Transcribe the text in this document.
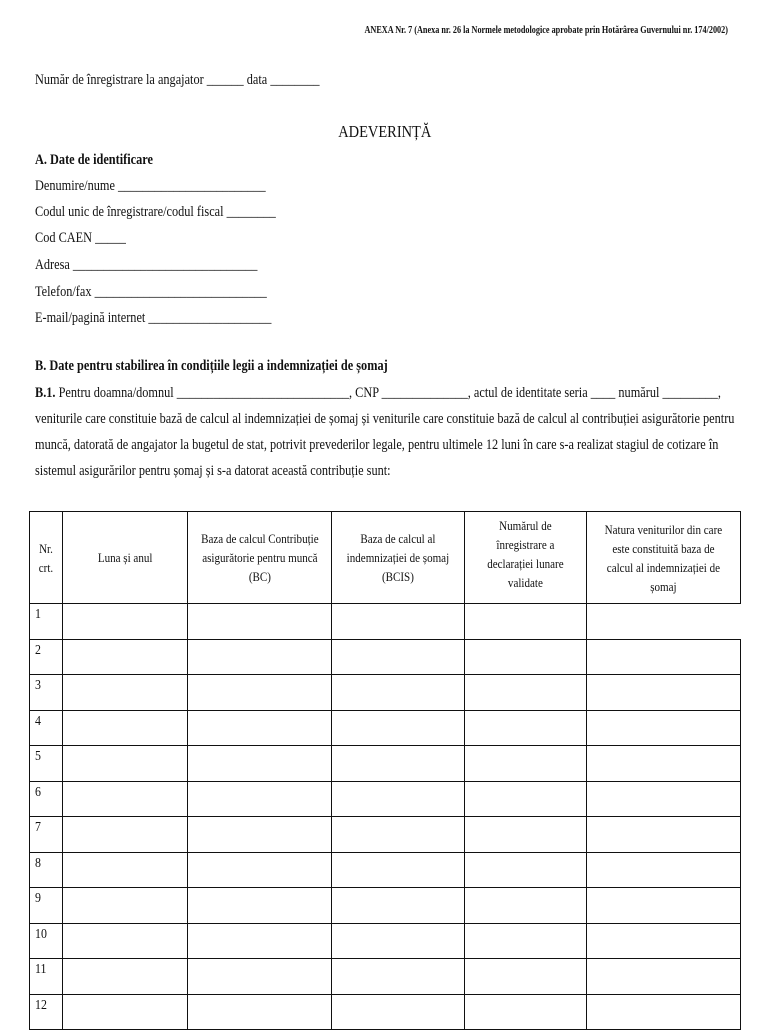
ANEXA Nr. 7 (Anexa nr. 26 la Normele metodologice aprobate prin Hotărârea Guvernului nr. 174/2002)
Număr de înregistrare la angajator ______ data ________
ADEVERINȚĂ
A. Date de identificare
Denumire/nume ________________________
Codul unic de înregistrare/codul fiscal ________
Cod CAEN _____
Adresa ______________________________
Telefon/fax ____________________________
E-mail/pagină internet ____________________
B. Date pentru stabilirea în condițiile legii a indemnizației de șomaj
B.1. Pentru doamna/domnul ____________________________, CNP ______________, actul de identitate seria ____ numărul _________, veniturile care constituie bază de calcul al indemnizației de șomaj și veniturile care constituie bază de calcul al contribuției asigurătorie pentru muncă, datorată de angajator la bugetul de stat, potrivit prevederilor legale, pentru ultimele 12 luni în care s-a realizat stagiul de cotizare în sistemul asigurărilor pentru șomaj și s-a datorat această contribuție sunt:
Nr. crt.	Luna și anul	Baza de calcul Contribuție asigurătorie pentru muncă (BC)	Baza de calcul al indemnizației de șomaj (BCIS)	Numărul de înregistrare a declarației lunare validate	Natura veniturilor din care este constituită baza de calcul al indemnizației de șomaj
1					
2					
3					
4					
5					
6					
7					
8					
9					
10					
11					
12					
